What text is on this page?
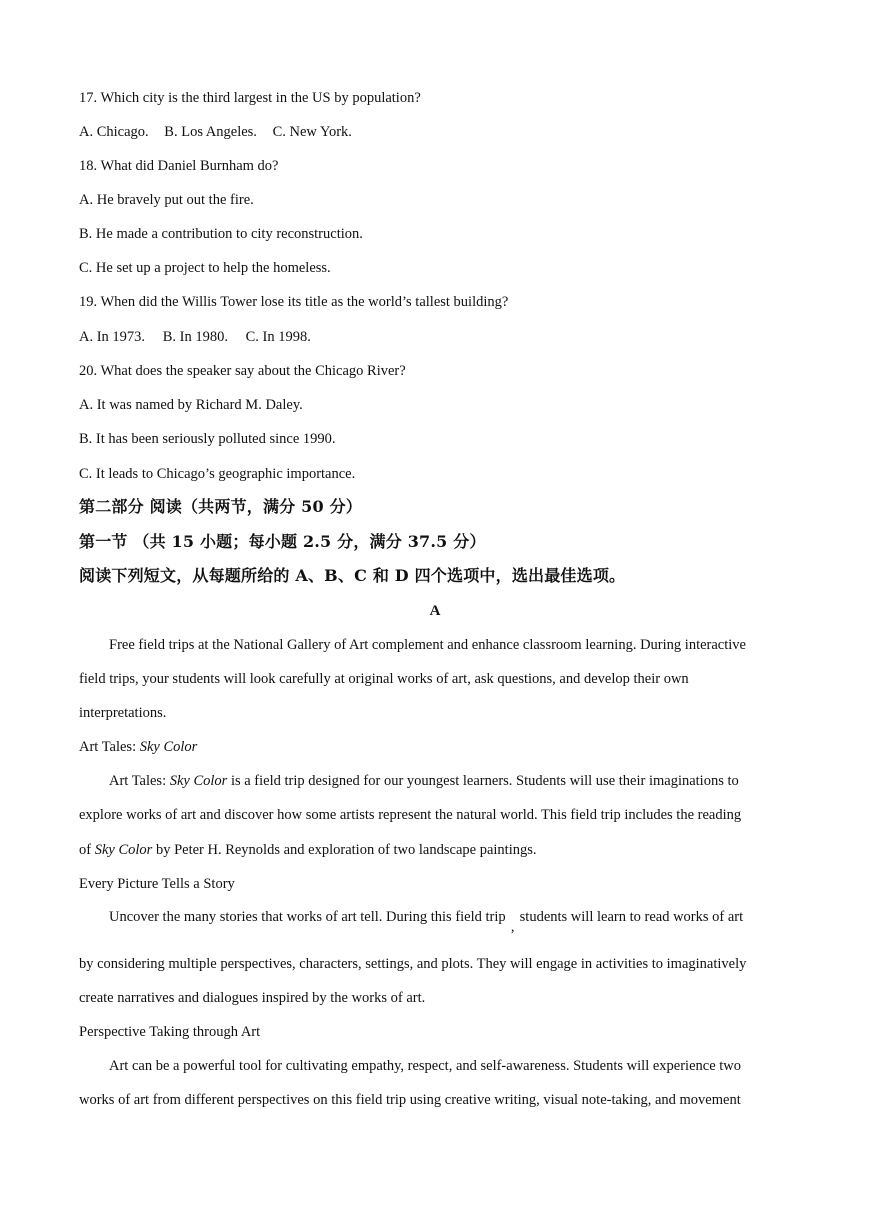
17. Which city is the third largest in the US by population?
A. Chicago. B. Los Angeles. C. New York.
18. What did Daniel Burnham do?
A. He bravely put out the fire.
B. He made a contribution to city reconstruction.
C. He set up a project to help the homeless.
19. When did the Willis Tower lose its title as the world’s tallest building?
A. In 1973. B. In 1980. C. In 1998.
20. What does the speaker say about the Chicago River?
A. It was named by Richard M. Daley.
B. It has been seriously polluted since 1990.
C. It leads to Chicago’s geographic importance.
第二部分 阅读（共两节，满分 50 分）
第一节 （共 15 小题；每小题 2.5 分，满分 37.5 分）
阅读下列短文，从每题所给的 A、B、C 和 D 四个选项中，选出最佳选项。
A
Free field trips at the National Gallery of Art complement and enhance classroom learning. During interactive
field trips, your students will look carefully at original works of art, ask questions, and develop their own
interpretations.
Art Tales: Sky Color
Art Tales: Sky Color is a field trip designed for our youngest learners. Students will use their imaginations to
explore works of art and discover how some artists represent the natural world. This field trip includes the reading
of Sky Color by Peter H. Reynolds and exploration of two landscape paintings.
Every Picture Tells a Story
Uncover the many stories that works of art tell. During this field trip,students will learn to read works of art
by considering multiple perspectives, characters, settings, and plots. They will engage in activities to imaginatively
create narratives and dialogues inspired by the works of art.
Perspective Taking through Art
Art can be a powerful tool for cultivating empathy, respect, and self-awareness. Students will experience two
works of art from different perspectives on this field trip using creative writing, visual note-taking, and movement
